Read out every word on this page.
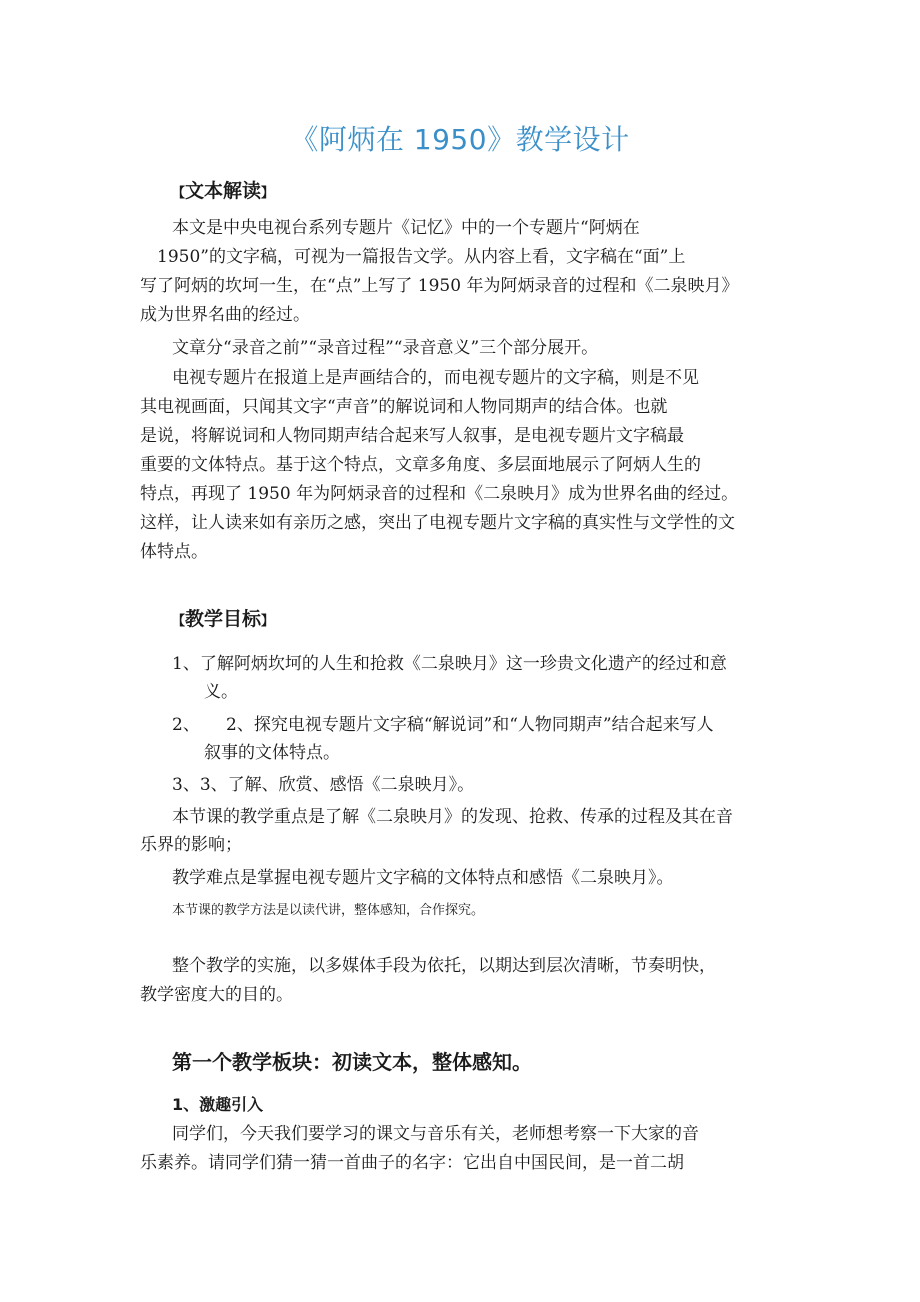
《阿炳在 1950》教学设计
【文本解读】
本文是中央电视台系列专题片《记忆》中的一个专题片“阿炳在
1950”的文字稿，可视为一篇报告文学。从内容上看，文字稿在“面”上
写了阿炳的坎坷一生，在“点”上写了 1950 年为阿炳录音的过程和《二泉映月》
成为世界名曲的经过。
文章分“录音之前”“录音过程”“录音意义”三个部分展开。
电视专题片在报道上是声画结合的，而电视专题片的文字稿，则是不见
其电视画面，只闻其文字“声音”的解说词和人物同期声的结合体。也就
是说，将解说词和人物同期声结合起来写人叙事，是电视专题片文字稿最
重要的文体特点。基于这个特点，文章多角度、多层面地展示了阿炳人生的
特点，再现了 1950 年为阿炳录音的过程和《二泉映月》成为世界名曲的经过。
这样，让人读来如有亲历之感，突出了电视专题片文字稿的真实性与文学性的文
体特点。
【教学目标】
1、了解阿炳坎坷的人生和抢救《二泉映月》这一珍贵文化遗产的经过和意
义。
2、 2、探究电视专题片文字稿“解说词”和“人物同期声”结合起来写人
叙事的文体特点。
3、3、了解、欣赏、感悟《二泉映月》。
本节课的教学重点是了解《二泉映月》的发现、抢救、传承的过程及其在音
乐界的影响；
教学难点是掌握电视专题片文字稿的文体特点和感悟《二泉映月》。
本节课的教学方法是以读代讲，整体感知，合作探究。
整个教学的实施，以多媒体手段为依托，以期达到层次清晰，节奏明快，
教学密度大的目的。
第一个教学板块：初读文本，整体感知。
1、激趣引入
同学们，今天我们要学习的课文与音乐有关，老师想考察一下大家的音
乐素养。请同学们猜一猜一首曲子的名字：它出自中国民间，是一首二胡
